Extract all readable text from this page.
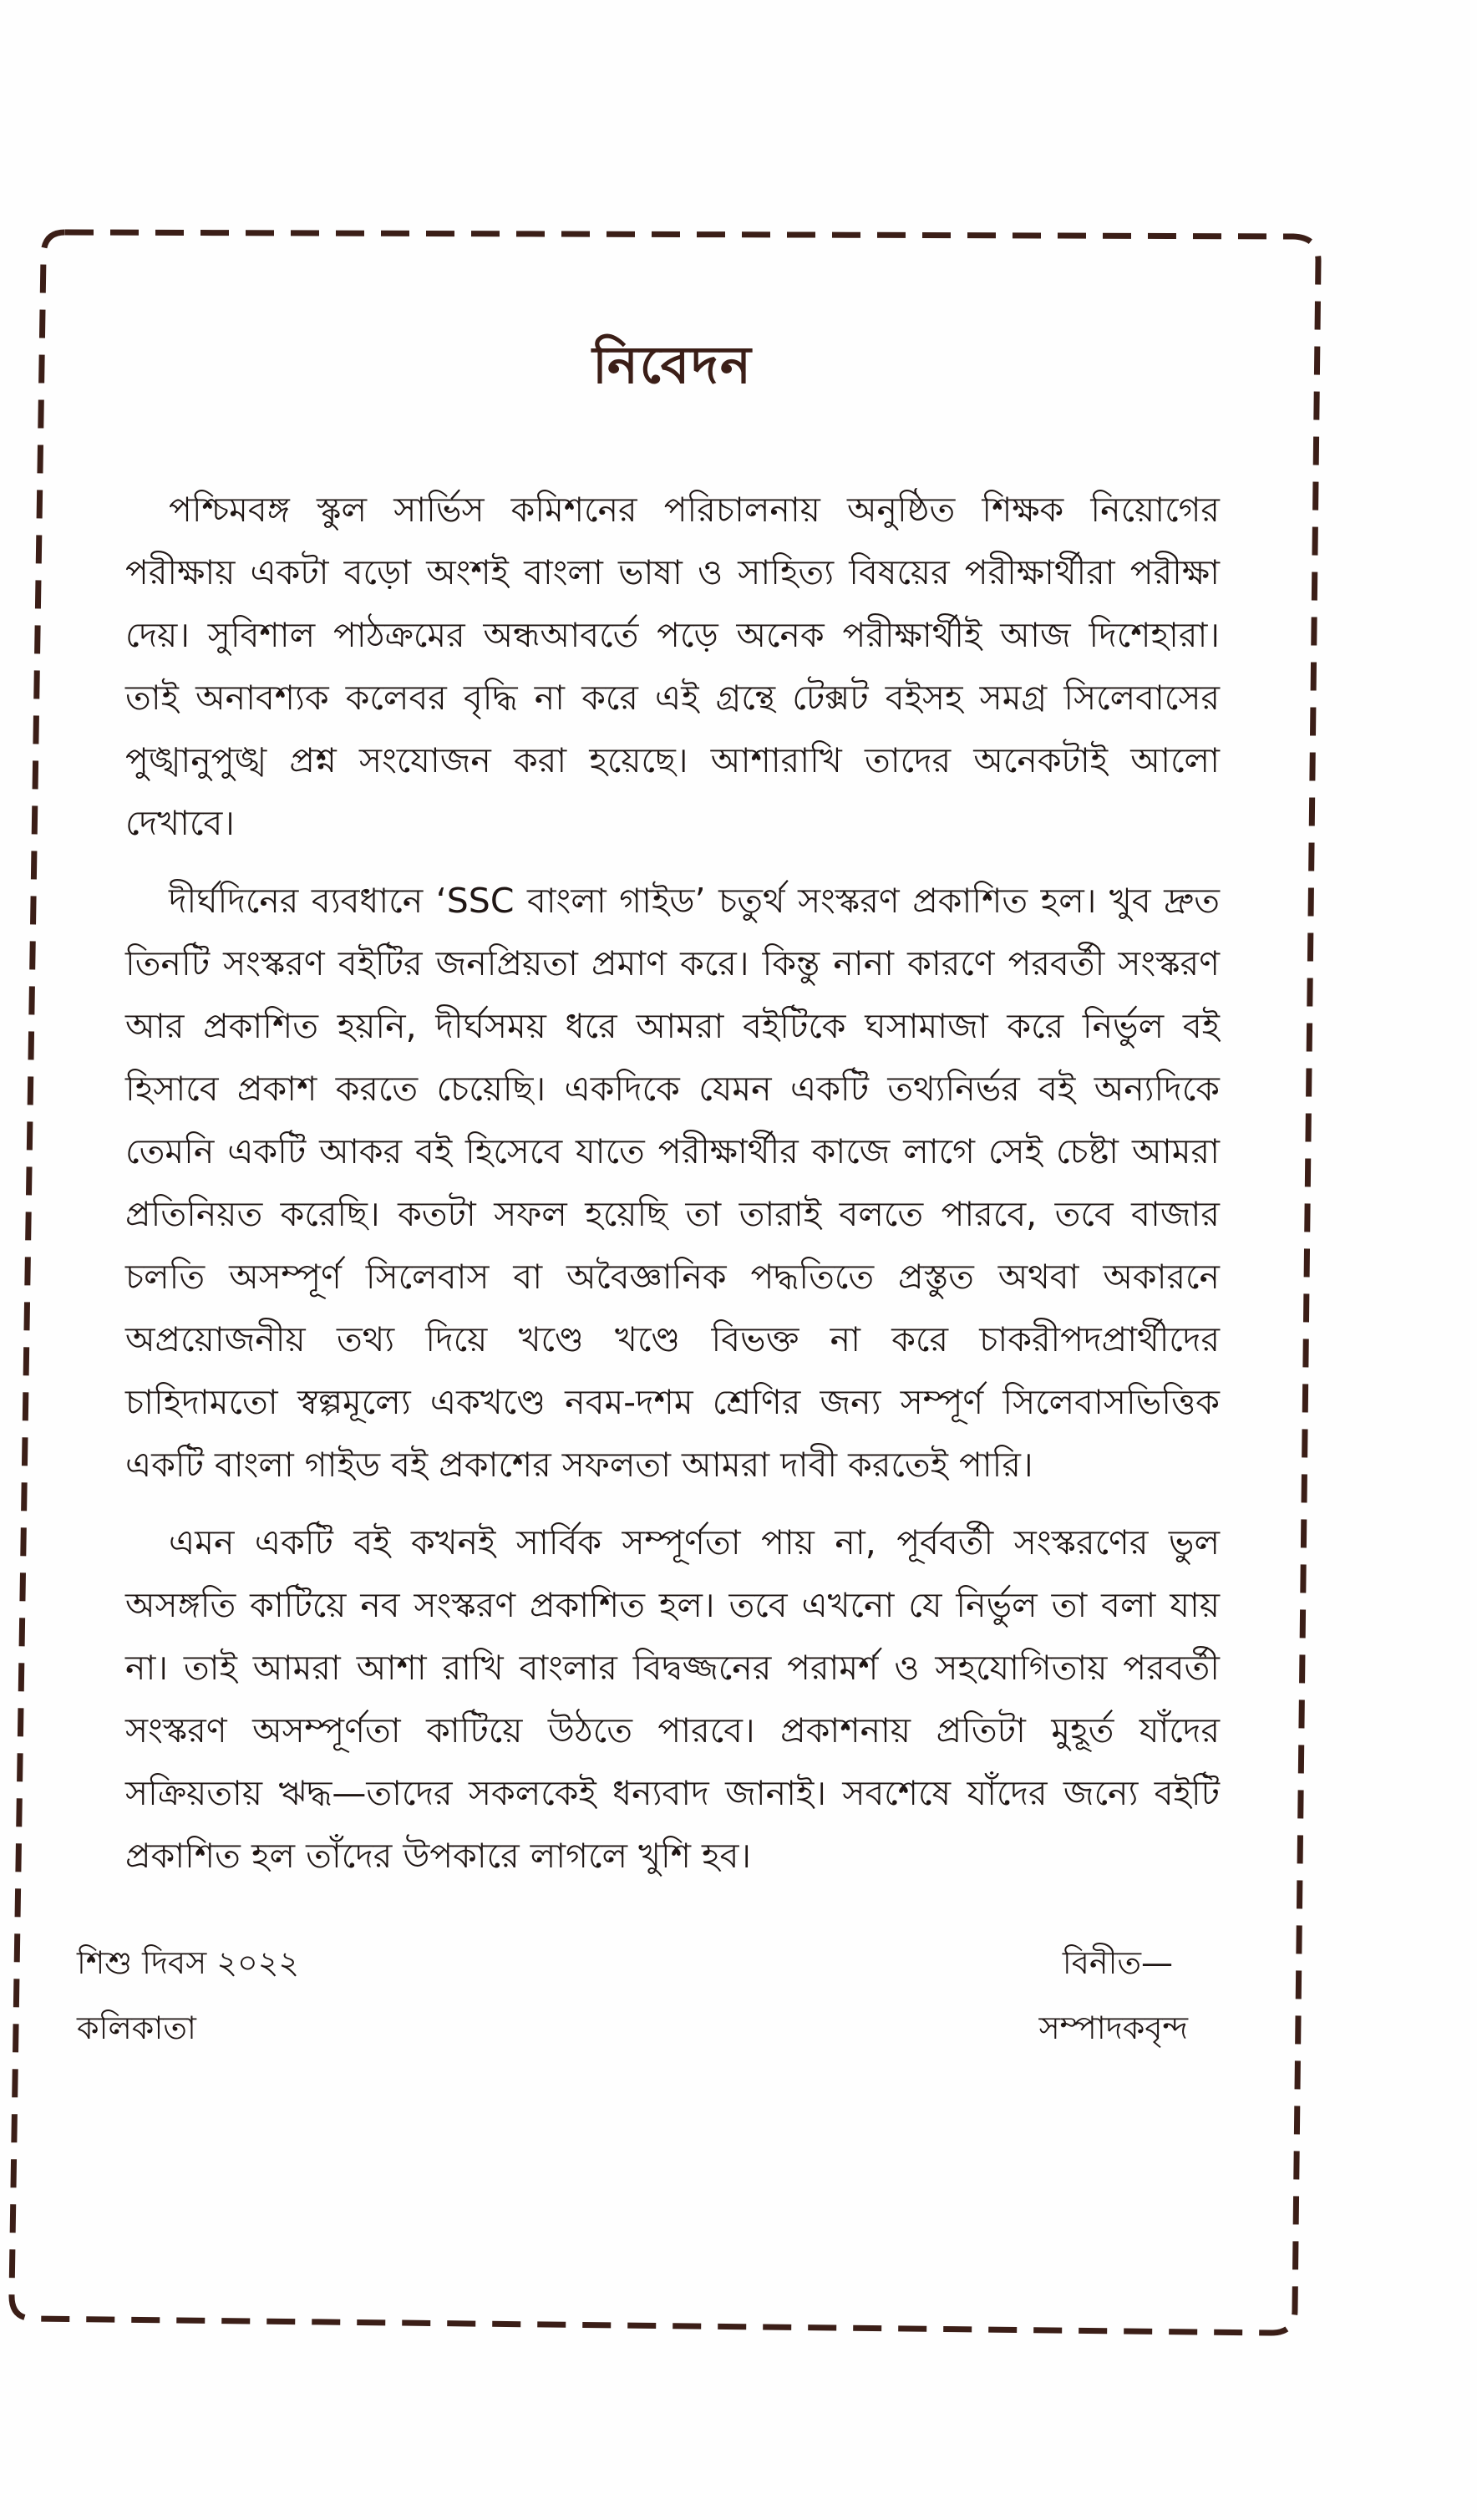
নিবেদন

পশ্চিমবঙ্গ স্কুল সার্ভিস কমিশনের পরিচালনায় অনুষ্ঠিত শিক্ষক নিয়োগের পরীক্ষায় একটা বড়ো অংশই বাংলা ভাষা ও সাহিত্য বিষয়ের পরীক্ষার্থীরা পরীক্ষা দেয়। সুবিশাল পাঠক্রমের অন্ধআবর্তে পড়ে অনেক পরীক্ষার্থীই আজ দিশেহারা। তাই অনাবশ্যক কলেবর বৃদ্ধি না করে এই গ্রন্থে টেক্সট বইসহ সমগ্র সিলেবাসের পুঙ্খানুপুঙ্খ প্রশ্ন সংযোজন করা হয়েছে। আশারাখি তাদের অনেকটাই আলো দেখাবে।

দীর্ঘদিনের ব্যবধানে ‘SSC বাংলা গাইড’ চতুর্থ সংস্করণ প্রকাশিত হল। খুব দ্রুত তিনটি সংস্করণ বইটির জনপ্রিয়তা প্রমাণ করে। কিন্তু নানা কারণে পরবর্তী সংস্করণ আর প্রকাশিত হয়নি, দীর্ঘসময় ধরে আমরা বইটিকে ঘসামাজা করে নির্ভুল বই হিসাবে প্রকাশ করতে চেয়েছি। একদিকে যেমন একটি তথ্যনির্ভর বই অন্যদিকে তেমনি একটি আকর বই হিসেবে যাতে পরীক্ষার্থীর কাজে লাগে সেই চেষ্টা আমরা প্রতিনিয়ত করেছি। কতটা সফল হয়েছি তা তারাই বলতে পারবে, তবে বাজার চলতি অসম্পূর্ণ সিলেবাস বা অবৈজ্ঞানিক পদ্ধতিতে প্রস্তুত অথবা অকারনে অপ্রয়োজনীয় তথ্য দিয়ে খণ্ডে খণ্ডে বিভক্ত না করে চাকরীপদপ্রার্থীদের চাহিদামতো স্বল্পমূল্যে একখণ্ডে নবম-দশম শ্রেণির জন্য সম্পূর্ণ সিলেবাসভিত্তিক একটি বাংলা গাইড বই প্রকাশের সফলতা আমরা দাবী করতেই পারি।

এমন একটি বই কখনই সার্বিক সম্পূর্ণতা পায় না, পূর্ববর্তী সংস্করণের ভুল অসঙ্গতি কাটিয়ে নব সংস্করণ প্রকাশিত হল। তবে এখনো যে নির্ভুল তা বলা যায় না। তাই আমরা আশা রাখি বাংলার বিদ্বজ্জনের পরামর্শ ও সহযোগিতায় পরবর্তী সংস্করণ অসম্পূর্ণতা কাটিয়ে উঠতে পারবে। প্রকাশনায় প্রতিটা মুহূর্ত যাঁদের সক্রিয়তায় ঋদ্ধ—তাদের সকলকেই ধন্যবাদ জানাই। সবশেষে যাঁদের জন্যে বইটি প্রকাশিত হল তাঁদের উপকারে লাগলে খুশি হব।

শিশু দিবস ২০২২
কলিকাতা
বিনীত—
সম্পাদকবৃন্দ
